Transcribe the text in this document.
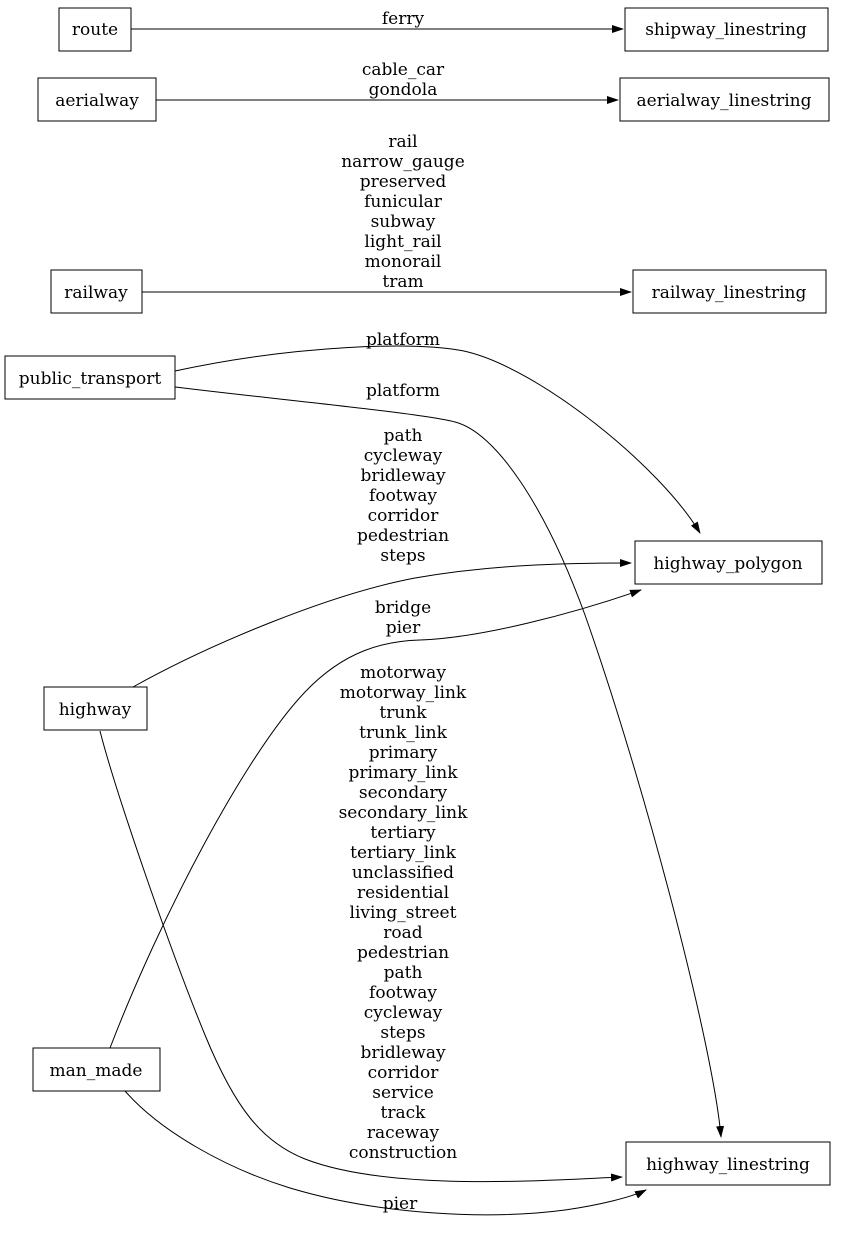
ferry
cable_car
gondola
rail
narrow_gauge
preserved
funicular
subway
light_rail
monorail
tram
platform
platform
path
cycleway
bridleway
footway
corridor
pedestrian
steps
bridge
pier
motorway
motorway_link
trunk
trunk_link
primary
primary_link
secondary
secondary_link
tertiary
tertiary_link
unclassified
residential
living_street
road
pedestrian
path
footway
cycleway
steps
bridleway
corridor
service
track
raceway
construction
pier
route	shipway_linestring
aerialway	aerialway_linestring
railway	railway_linestring
public_transport
highway_polygon
highway
man_made
highway_linestring
